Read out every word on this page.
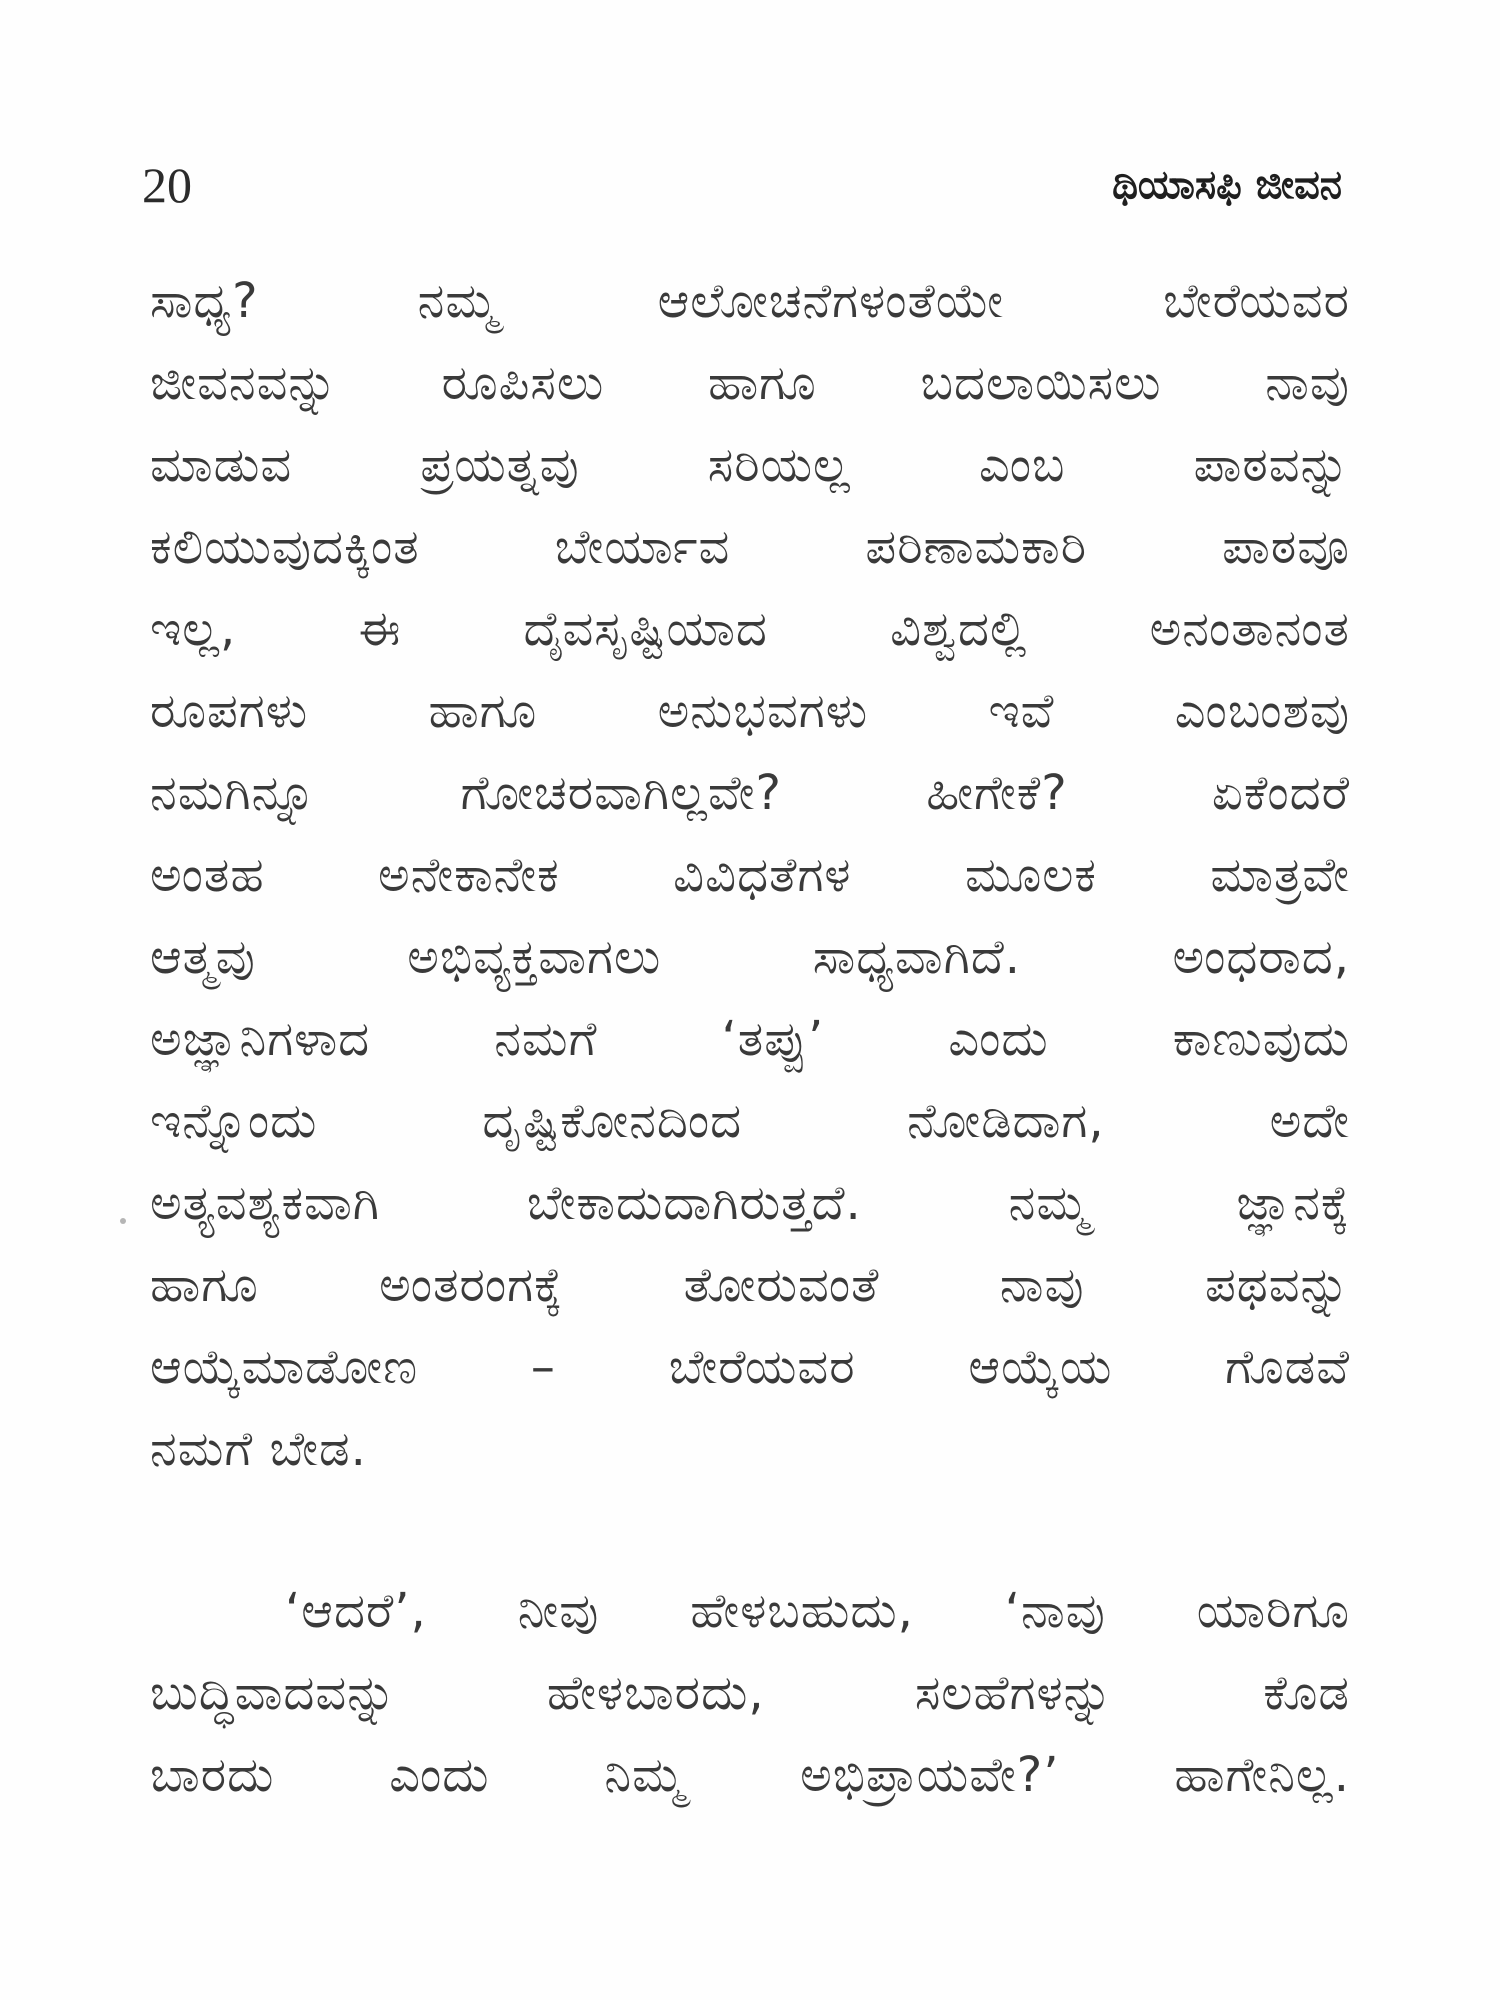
20	ಥಿಯಾಸಫಿ ಜೀವನ
ಸಾಧ್ಯ? ನಮ್ಮ ಆಲೋಚನೆಗಳಂತೆಯೇ ಬೇರೆಯವರ
ಜೀವನವನ್ನು ರೂಪಿಸಲು ಹಾಗೂ ಬದಲಾಯಿಸಲು ನಾವು
ಮಾಡುವ ಪ್ರಯತ್ನವು ಸರಿಯಲ್ಲ ಎಂಬ ಪಾಠವನ್ನು
ಕಲಿಯುವುದಕ್ಕಿಂತ ಬೇರ್ಯಾವ ಪರಿಣಾಮಕಾರಿ ಪಾಠವೂ
ಇಲ್ಲ, ಈ ದೈವಸೃಷ್ಟಿಯಾದ ವಿಶ್ವದಲ್ಲಿ ಅನಂತಾನಂತ
ರೂಪಗಳು ಹಾಗೂ ಅನುಭವಗಳು ಇವೆ ಎಂಬಂಶವು
ನಮಗಿನ್ನೂ ಗೋಚರವಾಗಿಲ್ಲವೇ? ಹೀಗೇಕೆ? ಏಕೆಂದರೆ
ಅಂತಹ ಅನೇಕಾನೇಕ ವಿವಿಧತೆಗಳ ಮೂಲಕ ಮಾತ್ರವೇ
ಆತ್ಮವು ಅಭಿವ್ಯಕ್ತವಾಗಲು ಸಾಧ್ಯವಾಗಿದೆ. ಅಂಧರಾದ,
ಅಜ್ಞಾನಿಗಳಾದ ನಮಗೆ ‘ತಪ್ಪು’ ಎಂದು ಕಾಣುವುದು
ಇನ್ನೊಂದು ದೃಷ್ಟಿಕೋನದಿಂದ ನೋಡಿದಾಗ, ಅದೇ
ಅತ್ಯವಶ್ಯಕವಾಗಿ ಬೇಕಾದುದಾಗಿರುತ್ತದೆ. ನಮ್ಮ ಜ್ಞಾನಕ್ಕೆ
ಹಾಗೂ ಅಂತರಂಗಕ್ಕೆ ತೋರುವಂತೆ ನಾವು ಪಥವನ್ನು
ಆಯ್ಕೆಮಾಡೋಣ – ಬೇರೆಯವರ ಆಯ್ಕೆಯ ಗೊಡವೆ
ನಮಗೆ ಬೇಡ.
‘ಆದರೆ’, ನೀವು ಹೇಳಬಹುದು, ‘ನಾವು ಯಾರಿಗೂ
ಬುದ್ಧಿವಾದವನ್ನು ಹೇಳಬಾರದು, ಸಲಹೆಗಳನ್ನು ಕೊಡ
ಬಾರದು ಎಂದು ನಿಮ್ಮ ಅಭಿಪ್ರಾಯವೇ?’ ಹಾಗೇನಿಲ್ಲ.
